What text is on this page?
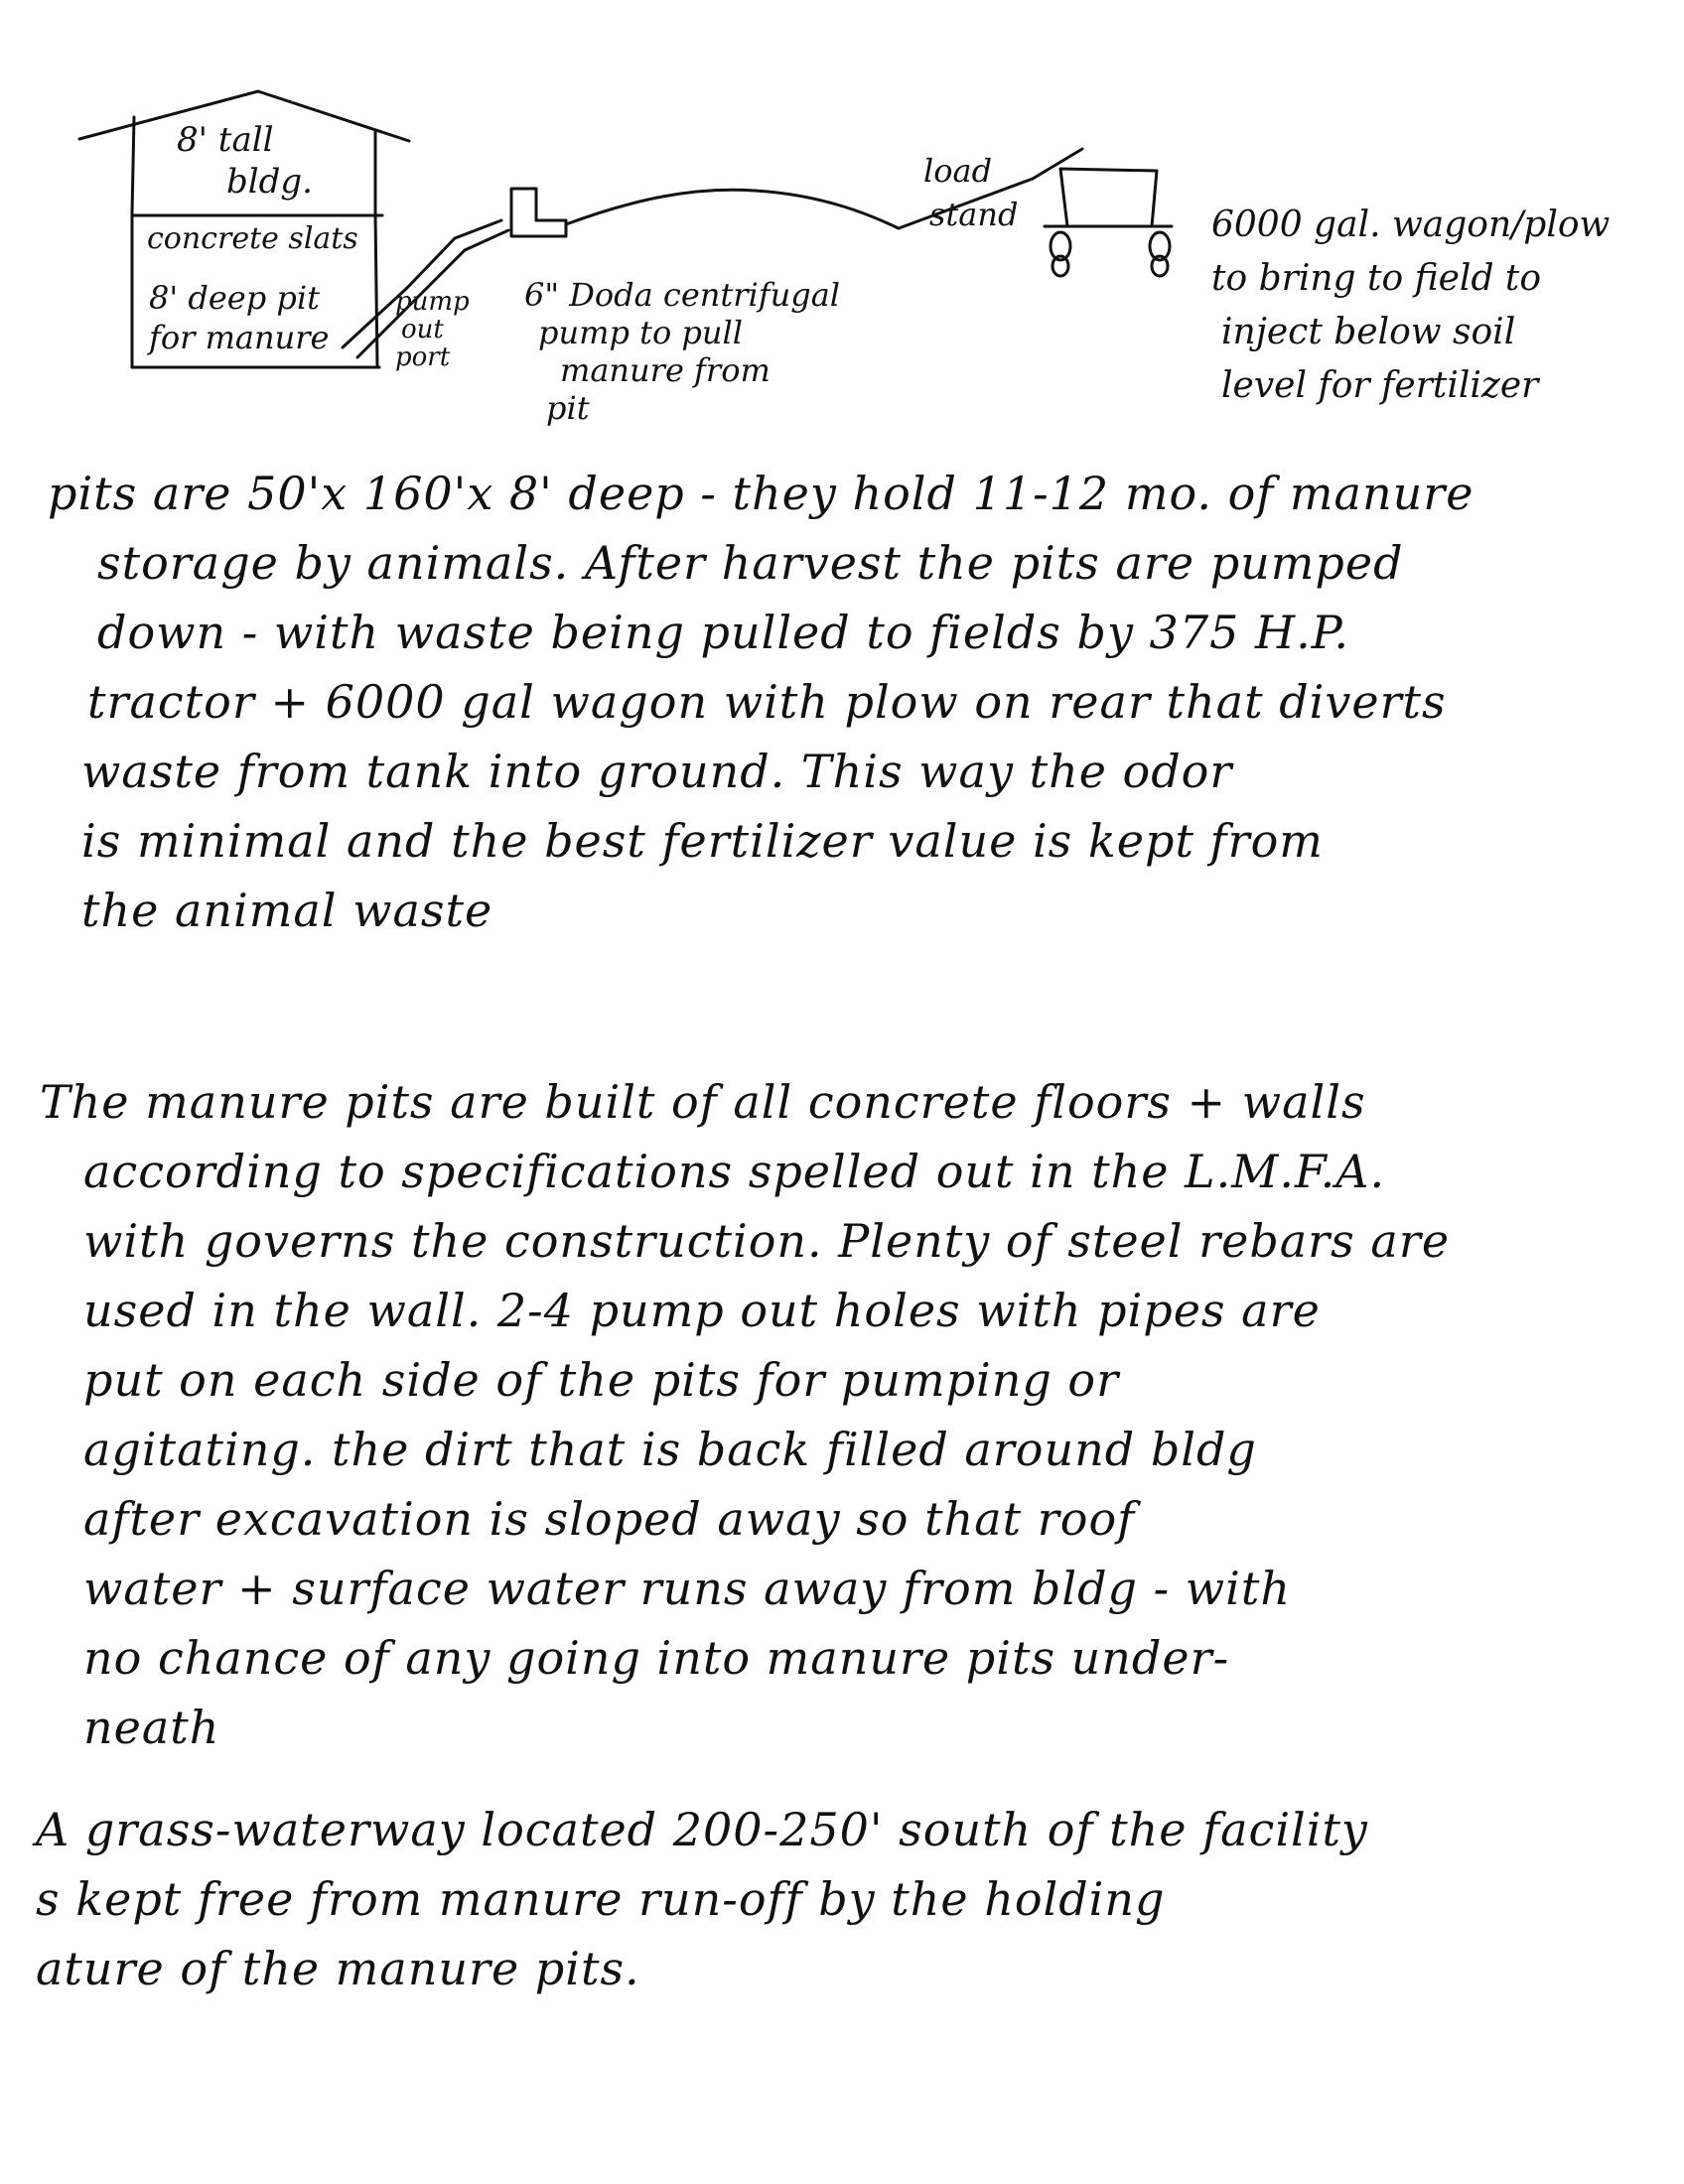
8' tall
bldg.
concrete slats
8' deep pit
for manure
pump
out
port
6" Doda centrifugal
pump to pull
manure from
pit
load
stand	6000 gal. wagon/plow
to bring to field to
inject below soil
level for fertilizer
pits are 50'x 160'x 8' deep - they hold 11-12 mo. of manure
storage by animals. After harvest the pits are pumped
down - with waste being pulled to fields by 375 H.P.
tractor + 6000 gal wagon with plow on rear that diverts
waste from tank into ground. This way the odor
is minimal and the best fertilizer value is kept from
the animal waste
The manure pits are built of all concrete floors + walls
according to specifications spelled out in the L.M.F.A.
with governs the construction. Plenty of steel rebars are
used in the wall. 2-4 pump out holes with pipes are
put on each side of the pits for pumping or
agitating. the dirt that is back filled around bldg
after excavation is sloped away so that roof
water + surface water runs away from bldg - with
no chance of any going into manure pits under-
neath
A grass-waterway located 200-250' south of the facility
s kept free from manure run-off by the holding
ature of the manure pits.
